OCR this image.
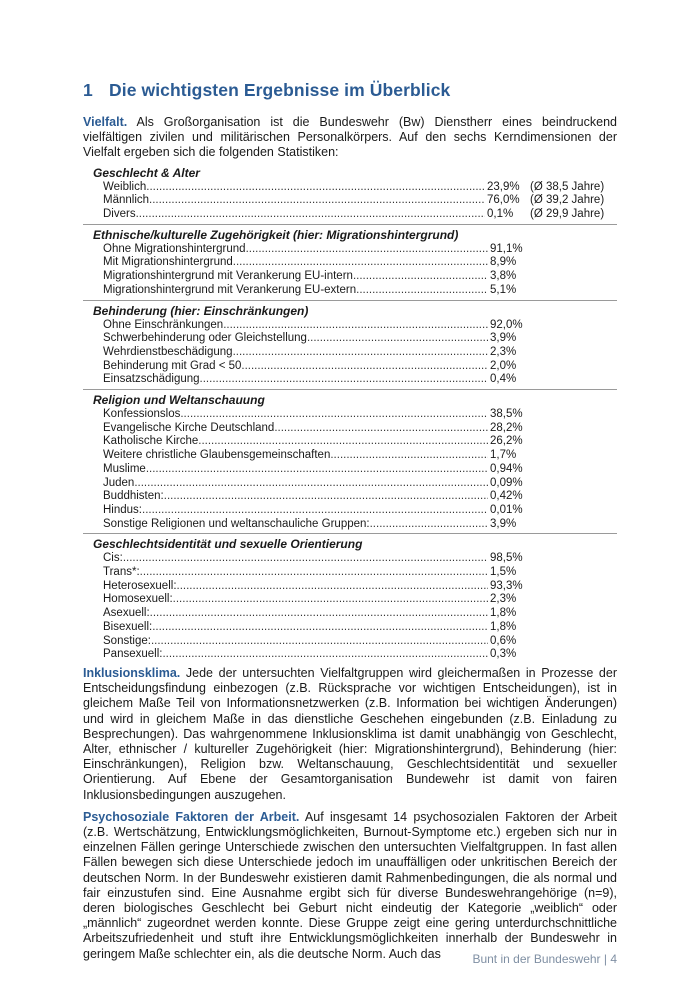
1 Die wichtigsten Ergebnisse im Überblick

Vielfalt. Als Großorganisation ist die Bundeswehr (Bw) Dienstherr eines beindruckend vielfältigen zivilen und militärischen Personalkörpers. Auf den sechs Kerndimensionen der Vielfalt ergeben sich die folgenden Statistiken:

Geschlecht & Alter
Weiblich .....	23,9% (Ø 38,5 Jahre)
Männlich .....	76,0% (Ø 39,2 Jahre)
Divers .....	0,1%	(Ø 29,9 Jahre)
Ethnische/kulturelle Zugehörigkeit (hier: Migrationshintergrund)
Ohne Migrationshintergrund .....	91,1%
Mit Migrationshintergrund .....	8,9%
Migrationshintergrund mit Verankerung EU-intern .....	3,8%
Migrationshintergrund mit Verankerung EU-extern .....	5,1%
Behinderung (hier: Einschränkungen)
Ohne Einschränkungen .....	92,0%
Schwerbehinderung oder Gleichstellung .....	3,9%
Wehrdienstbeschädigung .....	2,3%
Behinderung mit Grad < 50 .....	2,0%
Einsatzschädigung .....	0,4%
Religion und Weltanschauung
Konfessionslos .....	38,5%
Evangelische Kirche Deutschland .....	28,2%
Katholische Kirche .....	26,2%
Weitere christliche Glaubensgemeinschaften .....	1,7%
Muslime .....	0,94%
Juden .....	0,09%
Buddhisten: .....	0,42%
Hindus: .....	0,01%
Sonstige Religionen und weltanschauliche Gruppen: .....	3,9%
Geschlechtsidentität und sexuelle Orientierung
Cis: .....	98,5%
Trans*: .....	1,5%
Heterosexuell: .....	93,3%
Homosexuell: .....	2,3%
Asexuell: .....	1,8%
Bisexuell: .....	1,8%
Sonstige: .....	0,6%
Pansexuell: .....	0,3%

Inklusionsklima. Jede der untersuchten Vielfaltgruppen wird gleichermaßen in Prozesse der Entscheidungsfindung einbezogen (z.B. Rücksprache vor wichtigen Entscheidungen), ist in gleichem Maße Teil von Informationsnetzwerken (z.B. Information bei wichtigen Änderungen) und wird in gleichem Maße in das dienstliche Geschehen eingebunden (z.B. Einladung zu Besprechungen). Das wahrgenommene Inklusionsklima ist damit unabhängig von Geschlecht, Alter, ethnischer / kultureller Zugehörigkeit (hier: Migrationshintergrund), Behinderung (hier: Einschränkungen), Religion bzw. Weltanschauung, Geschlechtsidentität und sexueller Orientierung. Auf Ebene der Gesamtorganisation Bundewehr ist damit von fairen Inklusionsbedingungen auszugehen.

Psychosoziale Faktoren der Arbeit. Auf insgesamt 14 psychosozialen Faktoren der Arbeit (z.B. Wertschätzung, Entwicklungsmöglichkeiten, Burnout-Symptome etc.) ergeben sich nur in einzelnen Fällen geringe Unterschiede zwischen den untersuchten Vielfaltgruppen. In fast allen Fällen bewegen sich diese Unterschiede jedoch im unauffälligen oder unkritischen Bereich der deutschen Norm. In der Bundeswehr existieren damit Rahmenbedingungen, die als normal und fair einzustufen sind. Eine Ausnahme ergibt sich für diverse Bundeswehrangehörige (n=9), deren biologisches Geschlecht bei Geburt nicht eindeutig der Kategorie „weiblich“ oder „männlich“ zugeordnet werden konnte. Diese Gruppe zeigt eine gering unterdurchschnittliche Arbeitszufriedenheit und stuft ihre Entwicklungsmöglichkeiten innerhalb der Bundeswehr in geringem Maße schlechter ein, als die deutsche Norm. Auch das	Bunt in der Bundeswehr | 4
